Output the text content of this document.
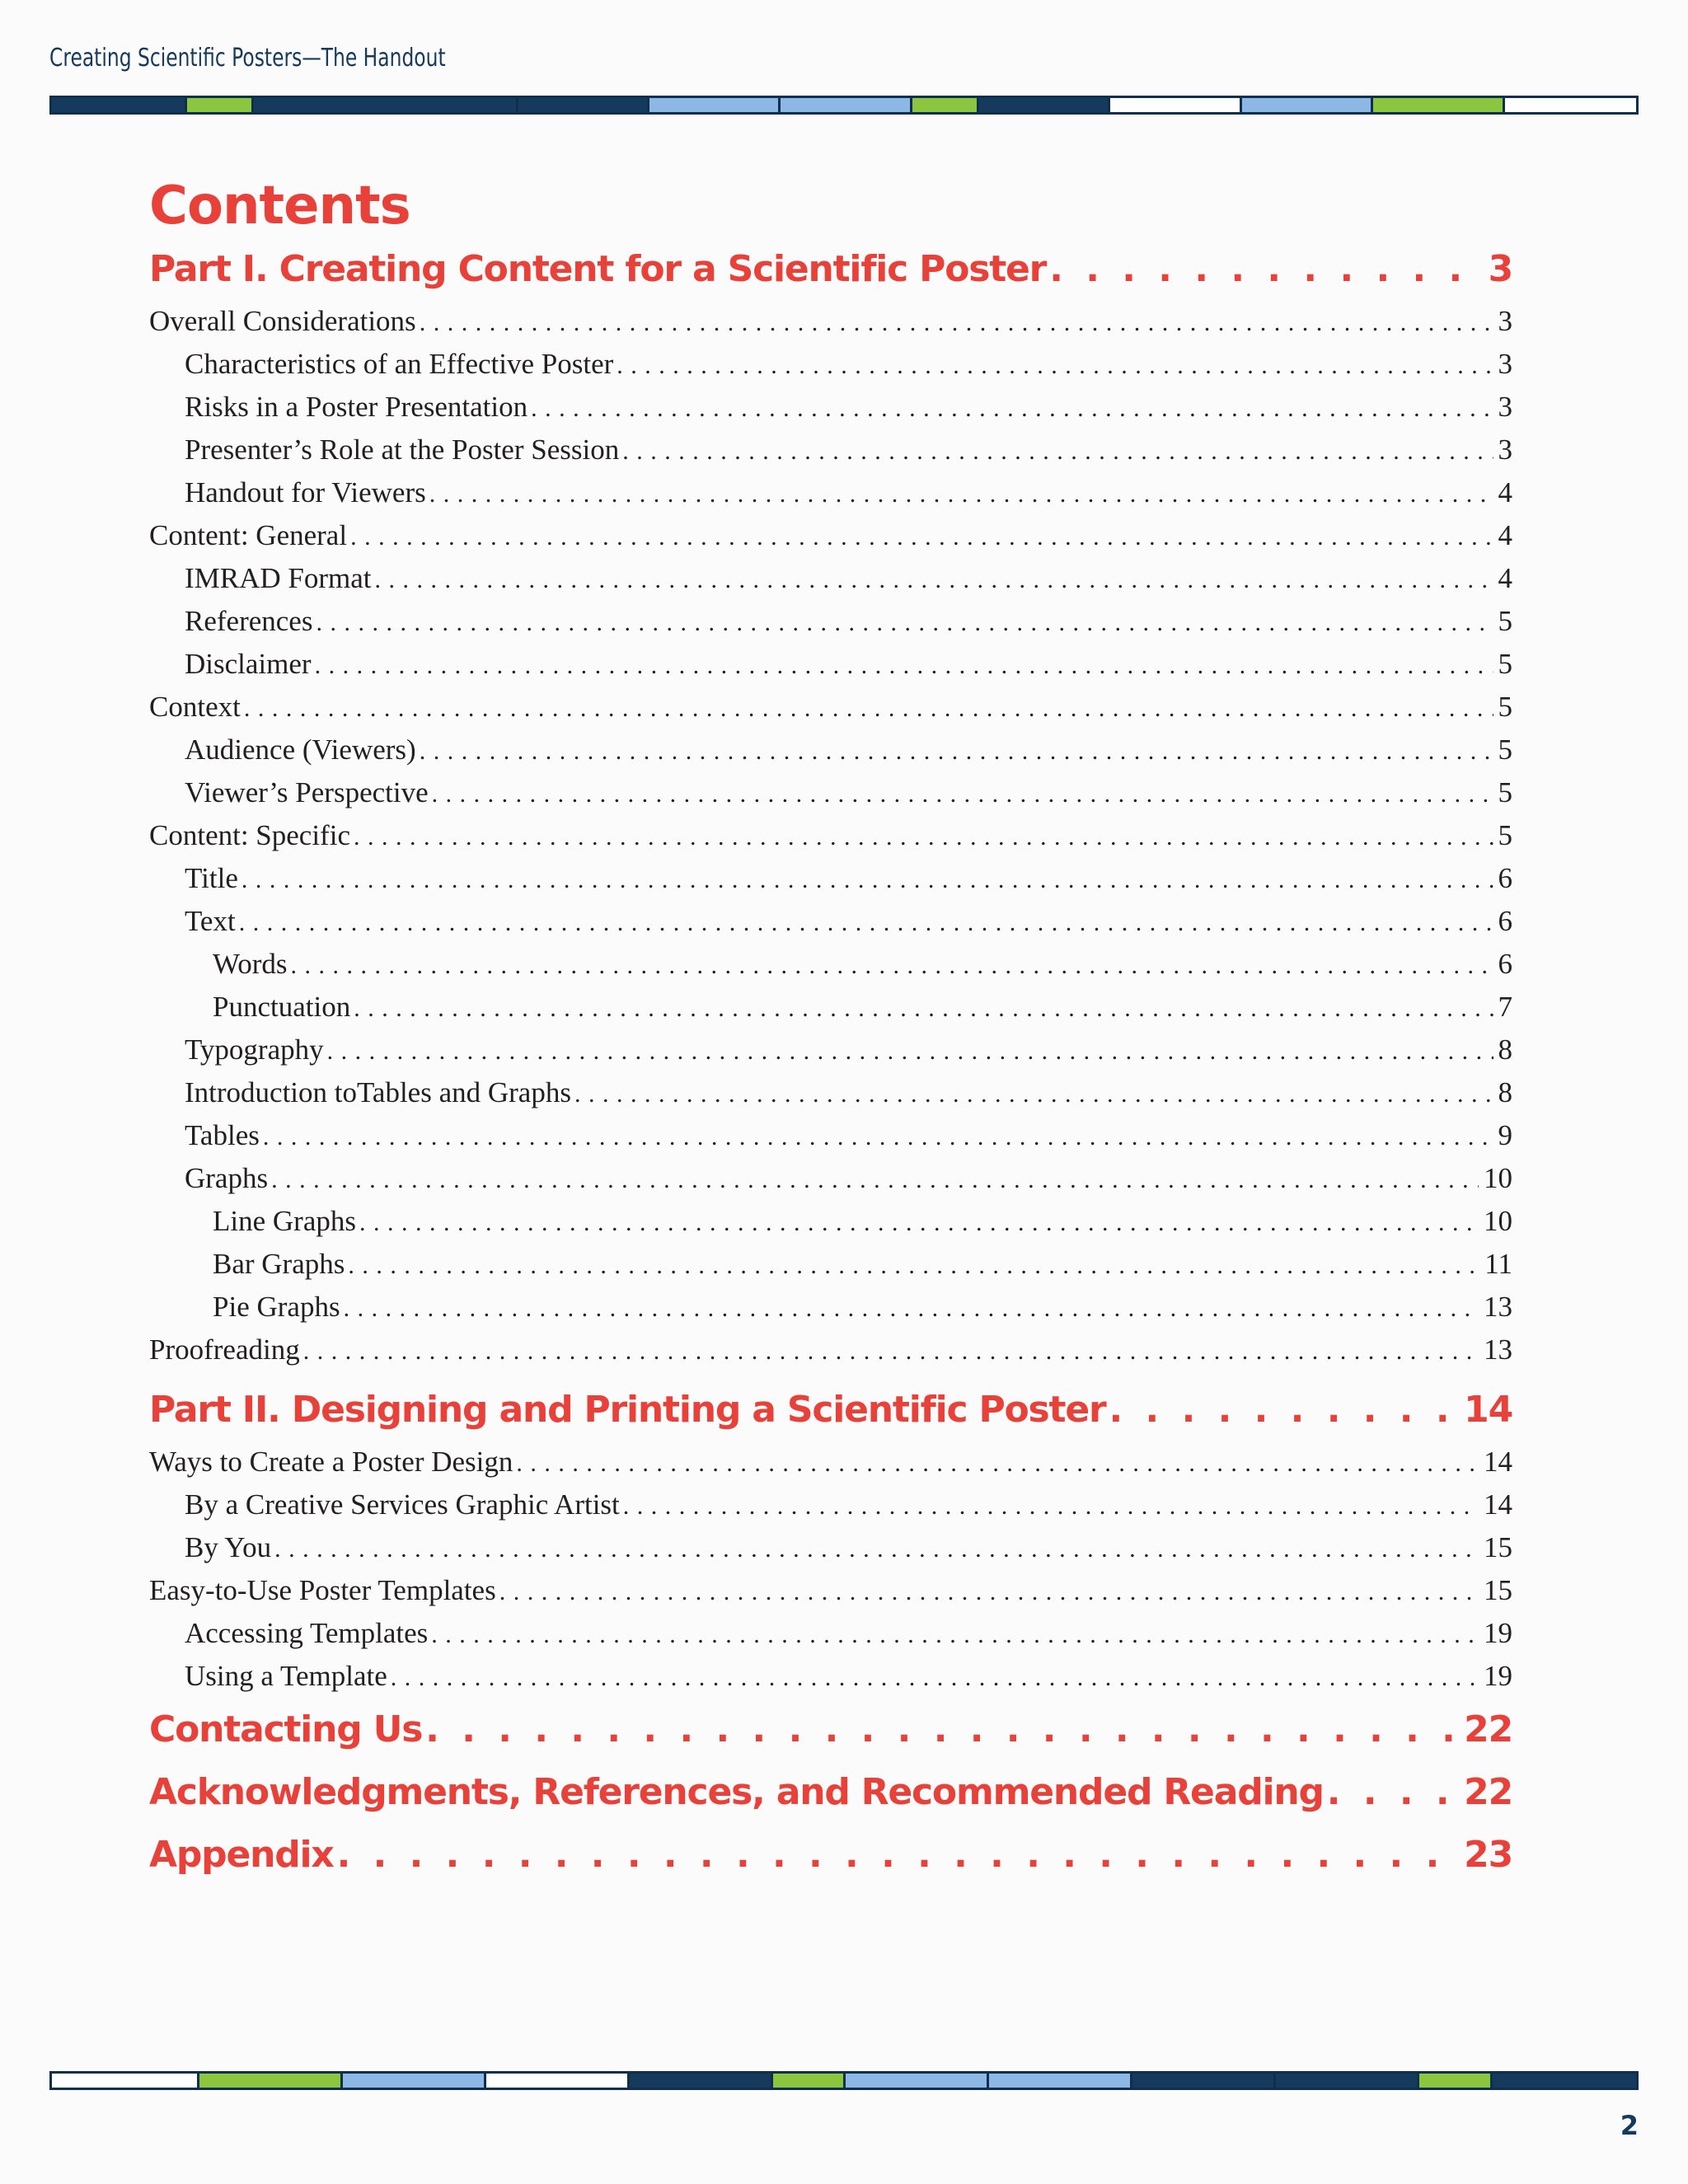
Creating Scientific Posters—The Handout
Contents
Part I. Creating Content for a Scientific Poster . . .	3
Overall Considerations . . .	3
Characteristics of an Effective Poster . . .	3
Risks in a Poster Presentation . . .	3
Presenter’s Role at the Poster Session . . .	3
Handout for Viewers . . .	4
Content: General . . .	4
IMRAD Format . . .	4
References . . .	5
Disclaimer . . .	5
Context . . .	5
Audience (Viewers) . . .	5
Viewer’s Perspective . . .	5
Content: Specific . . .	5
Title . . .	6
Text . . .	6
Words . . .	6
Punctuation . . .	7
Typography . . .	8
Introduction toTables and Graphs . . .	8
Tables . . .	9
Graphs . . .	10
Line Graphs . . .	10
Bar Graphs . . .	11
Pie Graphs . . .	13
Proofreading . . .	13
Part II. Designing and Printing a Scientific Poster . . .	14
Ways to Create a Poster Design . . .	14
By a Creative Services Graphic Artist . . .	14
By You . . .	15
Easy-to-Use Poster Templates . . .	15
Accessing Templates . . .	19
Using a Template . . .	19
Contacting Us . . .	22
Acknowledgments, References, and Recommended Reading . . .	22
Appendix . . .	23
2
